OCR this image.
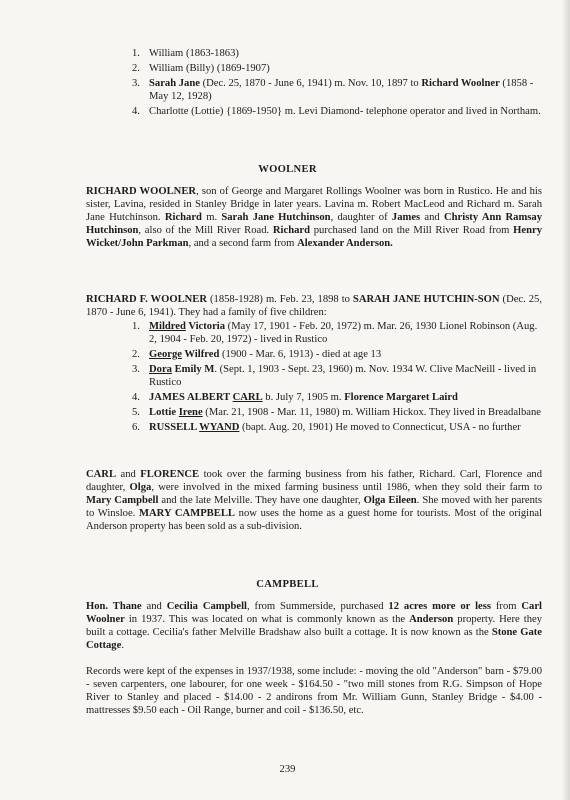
1. William (1863-1863)
2. William (Billy) (1869-1907)
3. Sarah Jane (Dec. 25, 1870 - June 6, 1941) m. Nov. 10, 1897 to Richard Woolner (1858 - May 12, 1928)
4. Charlotte (Lottie) {1869-1950} m. Levi Diamond- telephone operator and lived in Northam.
WOOLNER

RICHARD WOOLNER, son of George and Margaret Rollings Woolner was born in Rustico. He and his sister, Lavina, resided in Stanley Bridge in later years. Lavina m. Robert MacLeod and Richard m. Sarah Jane Hutchinson. Richard m. Sarah Jane Hutchinson, daughter of James and Christy Ann Ramsay Hutchinson, also of the Mill River Road. Richard purchased land on the Mill River Road from Henry Wicket/John Parkman, and a second farm from Alexander Anderson.

RICHARD F. WOOLNER (1858-1928) m. Feb. 23, 1898 to SARAH JANE HUTCHIN-SON (Dec. 25, 1870 - June 6, 1941). They had a family of five children:

1. Mildred Victoria (May 17, 1901 - Feb. 20, 1972) m. Mar. 26, 1930 Lionel Robinson (Aug. 2, 1904 - Feb. 20, 1972) - lived in Rustico
2. George Wilfred (1900 - Mar. 6, 1913) - died at age 13
3. Dora Emily M. (Sept. 1, 1903 - Sept. 23, 1960) m. Nov. 1934 W. Clive MacNeill - lived in Rustico
4. JAMES ALBERT CARL b. July 7, 1905 m. Florence Margaret Laird
5. Lottie Irene (Mar. 21, 1908 - Mar. 11, 1980) m. William Hickox. They lived in Breadalbane
6. RUSSELL WYAND (bapt. Aug. 20, 1901) He moved to Connecticut, USA - no further

CARL and FLORENCE took over the farming business from his father, Richard. Carl, Florence and daughter, Olga, were involved in the mixed farming business until 1986, when they sold their farm to Mary Campbell and the late Melville. They have one daughter, Olga Eileen. She moved with her parents to Winsloe. MARY CAMPBELL now uses the home as a guest home for tourists. Most of the original Anderson property has been sold as a sub-division.

CAMPBELL

Hon. Thane and Cecilia Campbell, from Summerside, purchased 12 acres more or less from Carl Woolner in 1937. This was located on what is commonly known as the Anderson property. Here they built a cottage. Cecilia's father Melville Bradshaw also built a cottage. It is now known as the Stone Gate Cottage.

Records were kept of the expenses in 1937/1938, some include: - moving the old "Anderson" barn - $79.00 - seven carpenters, one labourer, for one week - $164.50 - "two mill stones from R.G. Simpson of Hope River to Stanley and placed - $14.00 - 2 andirons from Mr. William Gunn, Stanley Bridge - $4.00 - mattresses $9.50 each - Oil Range, burner and coil - $136.50, etc.

239
